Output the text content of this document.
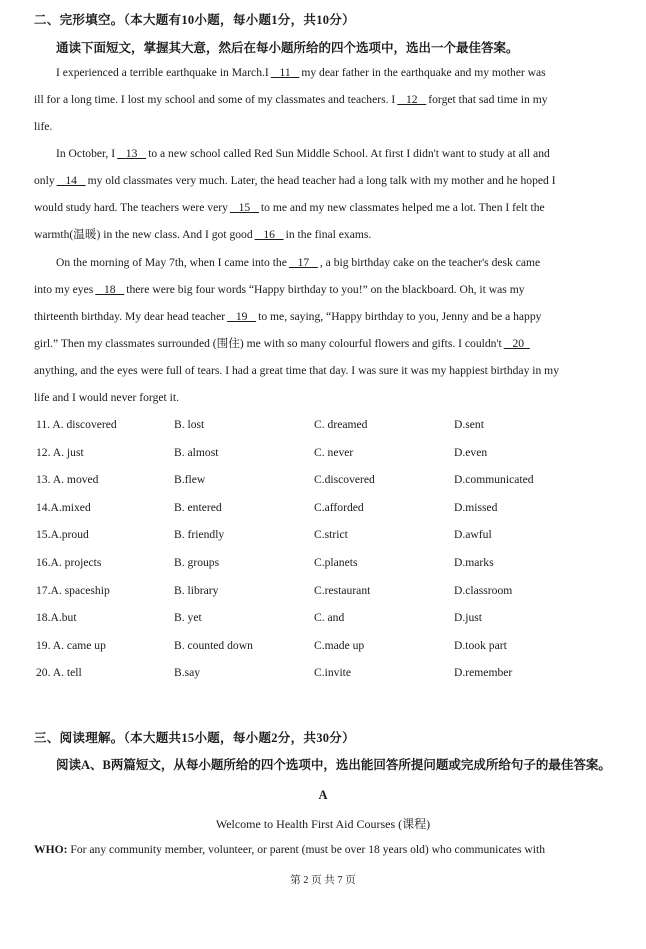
二、完形填空。（本大题有10小题，每小题1分，共10分）
通读下面短文，掌握其大意，然后在每小题所给的四个选项中，选出一个最佳答案。
I experienced a terrible earthquake in March.I 11 my dear father in the earthquake and my mother was
ill for a long time. I lost my school and some of my classmates and teachers. I 12 forget that sad time in my
life.
In October, I 13 to a new school called Red Sun Middle School. At first I didn't want to study at all and
only 14 my old classmates very much. Later, the head teacher had a long talk with my mother and he hoped I
would study hard. The teachers were very 15 to me and my new classmates helped me a lot. Then I felt the
warmth(温暖) in the new class. And I got good 16 in the final exams.
On the morning of May 7th, when I came into the 17 , a big birthday cake on the teacher's desk came
into my eyes 18 there were big four words “Happy birthday to you!” on the blackboard. Oh, it was my
thirteenth birthday. My dear head teacher 19 to me, saying, “Happy birthday to you, Jenny and be a happy
girl.” Then my classmates surrounded (围住) me with so many colourful flowers and gifts. I couldn't 20
anything, and the eyes were full of tears. I had a great time that day. I was sure it was my happiest birthday in my
life and I would never forget it.
11. A. discovered	B. lost	C. dreamed	D.sent
12. A. just	B. almost	C. never	D.even
13. A. moved	B.flew	C.discovered	D.communicated
14.A.mixed	B. entered	C.afforded	D.missed
15.A.proud	B. friendly	C.strict	D.awful
16.A. projects	B. groups	C.planets	D.marks
17.A. spaceship	B. library	C.restaurant	D.classroom
18.A.but	B. yet	C. and	D.just
19. A. came up	B. counted down	C.made up	D.took part
20. A. tell	B.say	C.invite	D.remember
三、阅读理解。（本大题共15小题，每小题2分，共30分）
阅读A、B两篇短文，从每小题所给的四个选项中，选出能回答所提问题或完成所给句子的最佳答案。
A
Welcome to Health First Aid Courses (课程)
WHO: For any community member, volunteer, or parent (must be over 18 years old) who communicates with
第 2 页 共 7 页
